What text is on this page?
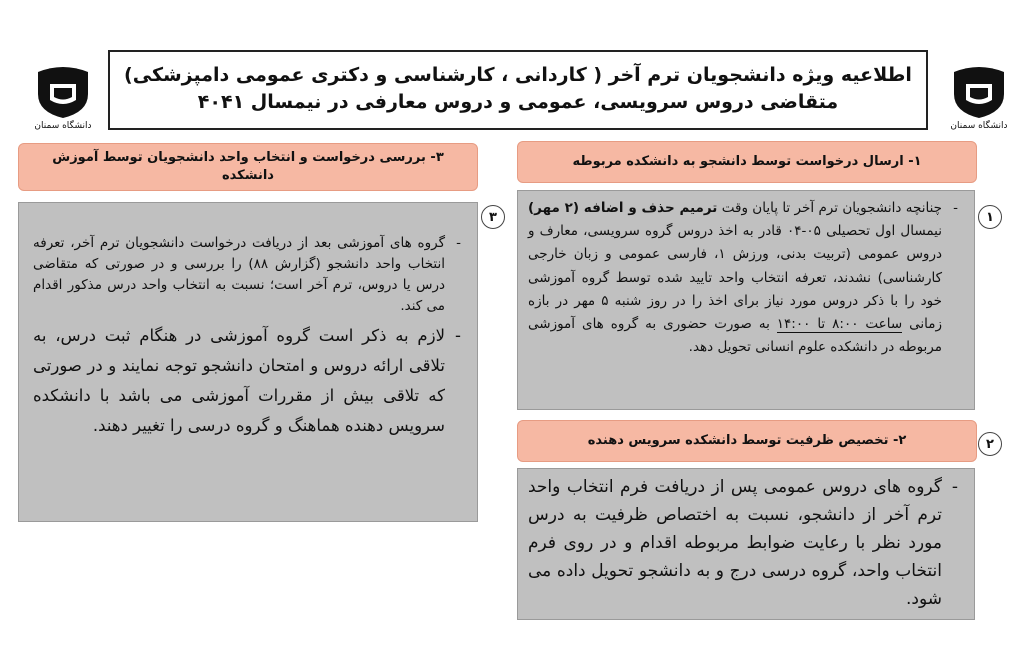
دانشگاه سمنان	دانشگاه سمنان
اطلاعیه ویژه دانشجویان ترم آخر ( کاردانی ، کارشناسی و دکتری عمومی دامپزشکی)
متقاضی دروس سرویسی، عمومی و دروس معارفی در نیمسال ۴۰۴۱
۱- ارسال درخواست توسط دانشجو به دانشکده مربوطه
۱
- چنانچه دانشجویان ترم آخر تا پایان وقت ترمیم حذف و اضافه (۲ مهر) نیمسال اول تحصیلی ۰۵-۰۴ قادر به اخذ دروس گروه سرویسی، معارف و دروس عمومی (تربیت بدنی، ورزش ۱، فارسی عمومی و زبان خارجی کارشناسی) نشدند، تعرفه انتخاب واحد تایید شده توسط گروه آموزشی خود را با ذکر دروس مورد نیاز برای اخذ را در روز شنبه ۵ مهر در بازه زمانی ساعت ۸:۰۰ تا ۱۴:۰۰ به صورت حضوری به گروه های آموزشی مربوطه در دانشکده علوم انسانی تحویل دهد.
۲- تخصیص ظرفیت توسط دانشکده سرویس دهنده	۲
- گروه های دروس عمومی پس از دریافت فرم انتخاب واحد ترم آخر از دانشجو، نسبت به اختصاص ظرفیت به درس مورد نظر با رعایت ضوابط مربوطه اقدام و در روی فرم انتخاب واحد، گروه درسی درج و به دانشجو تحویل داده می شود.
۳- بررسی درخواست و انتخاب واحد دانشجویان توسط آموزش دانشکده
۳
- گروه های آموزشی بعد از دریافت درخواست دانشجویان ترم آخر، تعرفه انتخاب واحد دانشجو (گزارش ۸۸) را بررسی و در صورتی که متقاضی درس یا دروس، ترم آخر است؛ نسبت به انتخاب واحد درس مذکور اقدام می کند.
- لازم به ذکر است گروه آموزشی در هنگام ثبت درس، به تلاقی ارائه دروس و امتحان دانشجو توجه نمایند و در صورتی که تلاقی بیش از مقررات آموزشی می باشد با دانشکده سرویس دهنده هماهنگ و گروه درسی را تغییر دهند.
